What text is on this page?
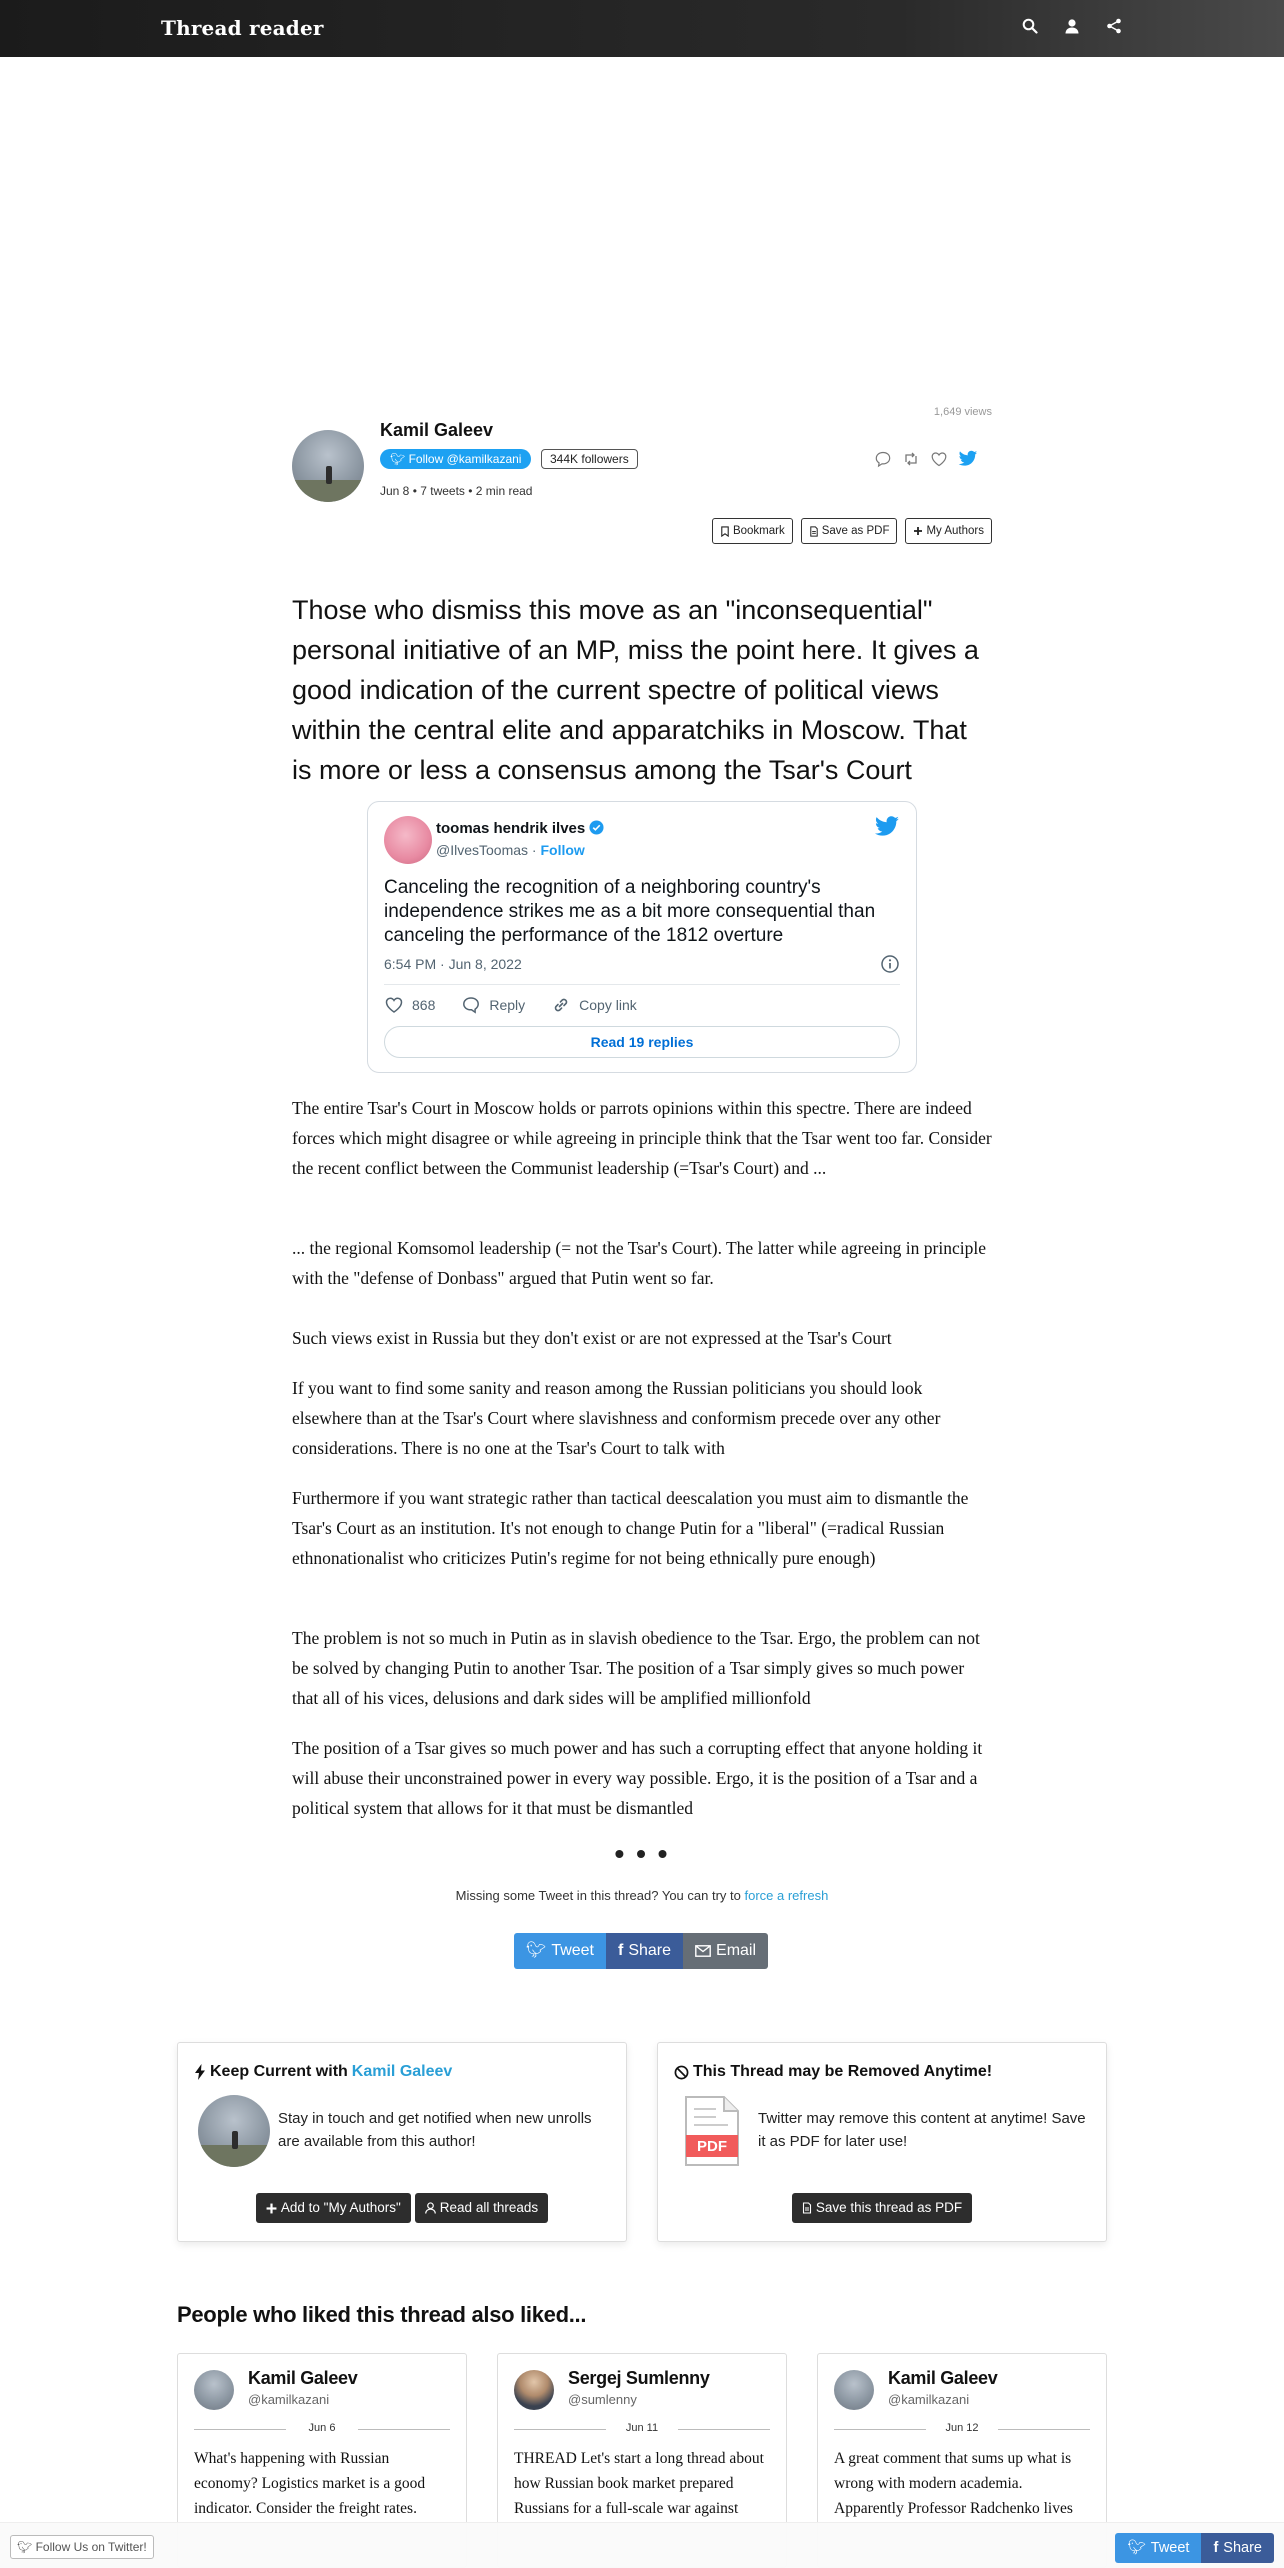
Thread reader
1,649 views
Kamil Galeev
🐦︎ Follow @kamilkazani	344K followers
Jun 8 • 7 tweets • 2 min read
Bookmark	Save as PDF	My Authors
Those who dismiss this move as an "inconsequential" personal initiative of an MP, miss the point here. It gives a good indication of the current spectre of political views within the central elite and apparatchiks in Moscow. That is more or less a consensus among the Tsar's Court
toomas hendrik ilves
@IlvesToomas · Follow
Canceling the recognition of a neighboring country's independence strikes me as a bit more consequential than canceling the performance of the 1812 overture
6:54 PM · Jun 8, 2022
868	Reply	Copy link
Read 19 replies
The entire Tsar's Court in Moscow holds or parrots opinions within this spectre. There are indeed forces which might disagree or while agreeing in principle think that the Tsar went too far. Consider the recent conflict between the Communist leadership (=Tsar's Court) and ...
... the regional Komsomol leadership (= not the Tsar's Court). The latter while agreeing in principle with the "defense of Donbass" argued that Putin went so far.
Such views exist in Russia but they don't exist or are not expressed at the Tsar's Court
If you want to find some sanity and reason among the Russian politicians you should look elsewhere than at the Tsar's Court where slavishness and conformism precede over any other considerations. There is no one at the Tsar's Court to talk with
Furthermore if you want strategic rather than tactical deescalation you must aim to dismantle the Tsar's Court as an institution. It's not enough to change Putin for a "liberal" (=radical Russian ethnonationalist who criticizes Putin's regime for not being ethnically pure enough)
The problem is not so much in Putin as in slavish obedience to the Tsar. Ergo, the problem can not be solved by changing Putin to another Tsar. The position of a Tsar simply gives so much power that all of his vices, delusions and dark sides will be amplified millionfold
The position of a Tsar gives so much power and has such a corrupting effect that anyone holding it will abuse their unconstrained power in every way possible. Ergo, it is the position of a Tsar and a political system that allows for it that must be dismantled
• • •
Missing some Tweet in this thread? You can try to force a refresh
🐦︎ Tweet f Share	Email
Keep Current with Kamil Galeev
Stay in touch and get notified when new unrolls are available from this author!
Add to "My Authors"	Read all threads
This Thread may be Removed Anytime!
PDF
Twitter may remove this content at anytime! Save it as PDF for later use!
Save this thread as PDF
People who liked this thread also liked...
Kamil Galeev
@kamilkazani
Jun 6
What's happening with Russian economy? Logistics market is a good indicator. Consider the freight rates.
Sergej Sumlenny
@sumlenny
Jun 11
THREAD Let's start a long thread about how Russian book market prepared Russians for a full-scale war against
Kamil Galeev
@kamilkazani
Jun 12
A great comment that sums up what is wrong with modern academia. Apparently Professor Radchenko lives
🐦︎ Follow Us on Twitter!	🐦︎ Tweet f Share
